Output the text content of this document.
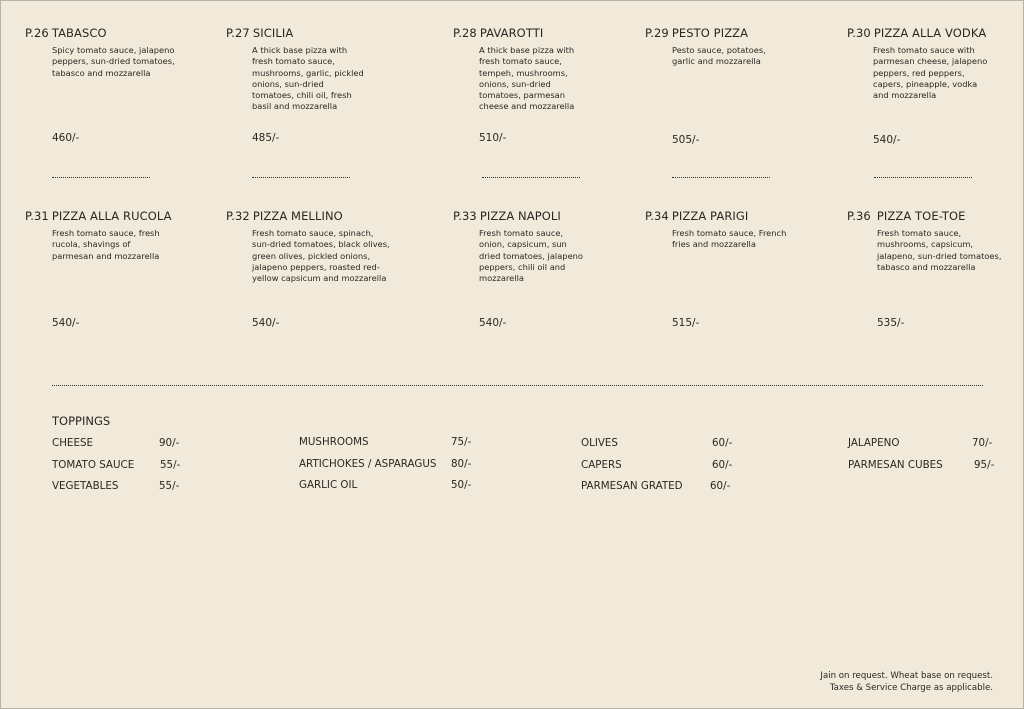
P.26 TABASCO
Spicy tomato sauce, jalapeno peppers, sun-dried tomatoes, tabasco and mozzarella
460/-
P.27 SICILIA
A thick base pizza with fresh tomato sauce, mushrooms, garlic, pickled onions, sun-dried tomatoes, chili oil, fresh basil and mozzarella
485/-
P.28 PAVAROTTI
A thick base pizza with fresh tomato sauce, tempeh, mushrooms, onions, sun-dried tomatoes, parmesan cheese and mozzarella
510/-
P.29 PESTO PIZZA
Pesto sauce, potatoes, garlic and mozzarella
505/-
P.30 PIZZA ALLA VODKA
Fresh tomato sauce with parmesan cheese, jalapeno peppers, red peppers, capers, pineapple, vodka and mozzarella
540/-
P.31 PIZZA ALLA RUCOLA
Fresh tomato sauce, fresh rucola, shavings of parmesan and mozzarella
540/-
P.32 PIZZA MELLINO
Fresh tomato sauce, spinach, sun-dried tomatoes, black olives, green olives, pickled onions, jalapeno peppers, roasted red-yellow capsicum and mozzarella
540/-
P.33 PIZZA NAPOLI
Fresh tomato sauce, onion, capsicum, sun dried tomatoes, jalapeno peppers, chili oil and mozzarella
540/-
P.34 PIZZA PARIGI
Fresh tomato sauce, French fries and mozzarella
515/-
P.36 PIZZA TOE-TOE
Fresh tomato sauce, mushrooms, capsicum, jalapeno, sun-dried tomatoes, tabasco and mozzarella
535/-
TOPPINGS
CHEESE	90/-
TOMATO SAUCE	55/-
VEGETABLES	55/-
MUSHROOMS	75/-
ARTICHOKES / ASPARAGUS 80/-
GARLIC OIL	50/-
OLIVES	60/-
CAPERS	60/-
PARMESAN GRATED	60/-
JALAPENO	70/-
PARMESAN CUBES	95/-
Jain on request. Wheat base on request.
Taxes & Service Charge as applicable.
